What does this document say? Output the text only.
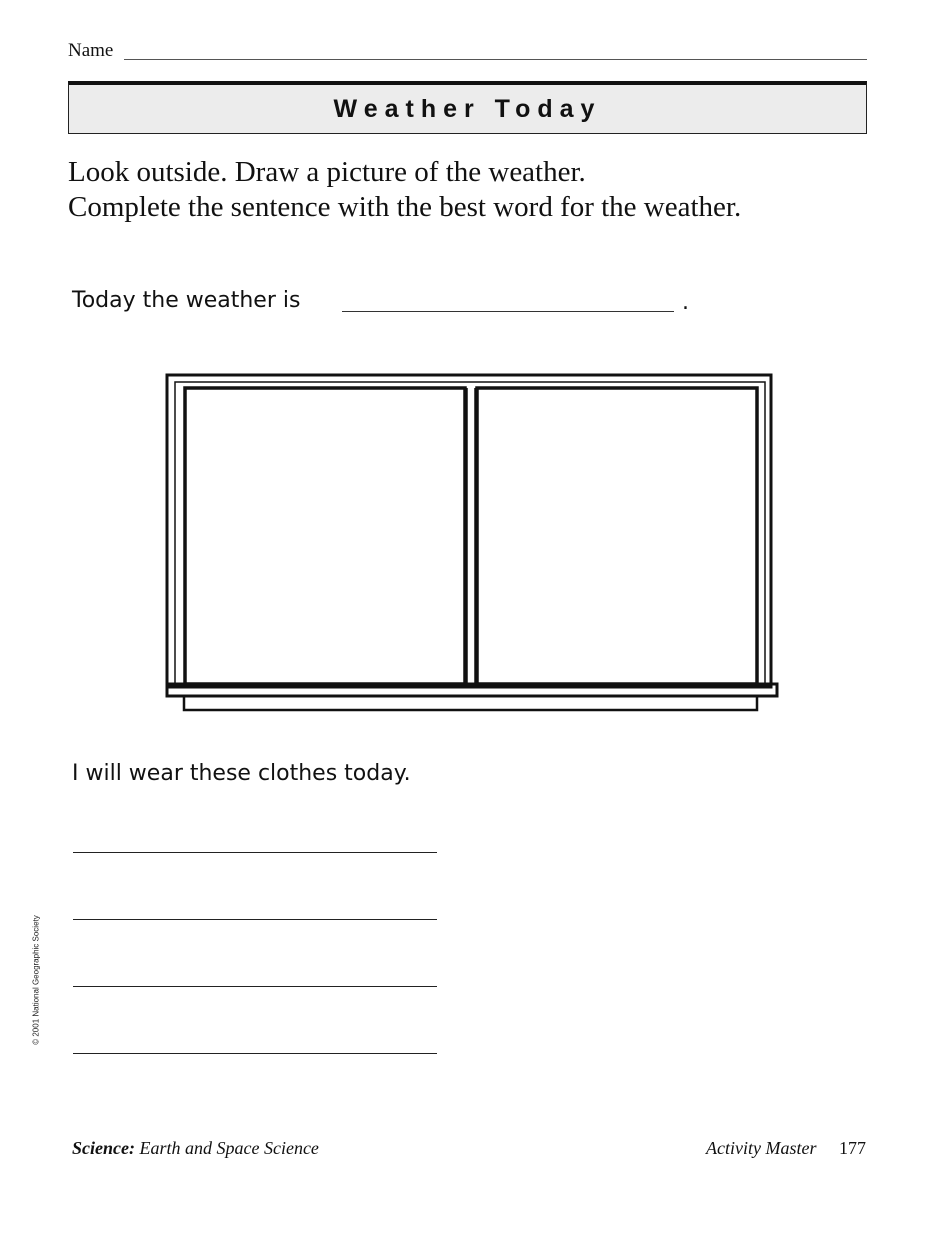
Name
Weather Today
Look outside. Draw a picture of the weather.
Complete the sentence with the best word for the weather.
Today the weather is	.
I will wear these clothes today.
© 2001 National Geographic Society
Science: Earth and Space Science	Activity Master 177
